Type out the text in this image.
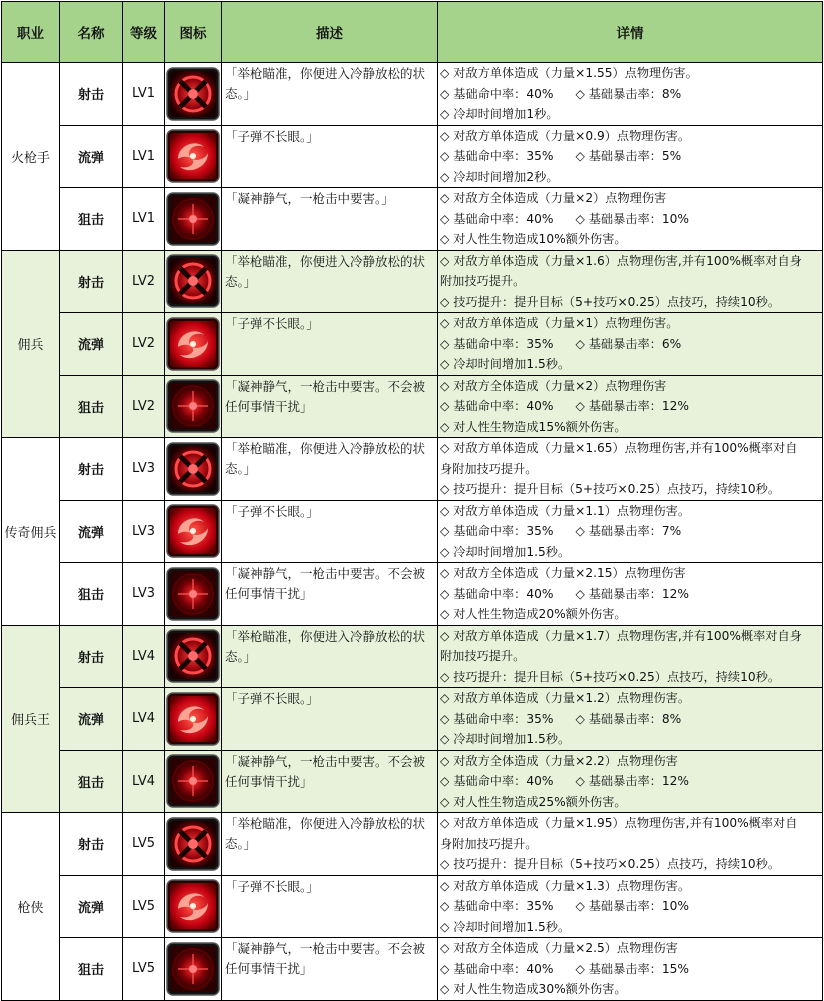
职业	名称	等级	图标	描述	详情
火枪手	射击	LV1		「举枪瞄准，你便进入冷静放松的状态。」	◇ 对敌方单体造成（力量×1.55）点物理伤害。
◇ 基础命中率：40% ◇ 基础暴击率：8%
◇ 冷却时间增加1秒。

	流弹	LV1		「子弹不长眼。」	◇ 对敌方单体造成（力量×0.9）点物理伤害。
◇ 基础命中率：35% ◇ 基础暴击率：5%
◇ 冷却时间增加2秒。

	狙击	LV1		「凝神静气，一枪击中要害。」	◇ 对敌方全体造成（力量×2）点物理伤害
◇ 基础命中率：40% ◇ 基础暴击率：10%
◇ 对人性生物造成10%额外伤害。

佣兵	射击	LV2		「举枪瞄准，你便进入冷静放松的状态。」	◇ 对敌方单体造成（力量×1.6）点物理伤害,并有100%概率对自身
附加技巧提升。
◇ 技巧提升：提升目标（5+技巧×0.25）点技巧，持续10秒。

	流弹	LV2		「子弹不长眼。」	◇ 对敌方单体造成（力量×1）点物理伤害。
◇ 基础命中率：35% ◇ 基础暴击率：6%
◇ 冷却时间增加1.5秒。

	狙击	LV2		「凝神静气，一枪击中要害。不会被任何事情干扰」	◇ 对敌方全体造成（力量×2）点物理伤害
◇ 基础命中率：40% ◇ 基础暴击率：12%
◇ 对人性生物造成15%额外伤害。

传奇佣兵	射击	LV3		「举枪瞄准，你便进入冷静放松的状态。」	◇ 对敌方单体造成（力量×1.65）点物理伤害,并有100%概率对自
身附加技巧提升。
◇ 技巧提升：提升目标（5+技巧×0.25）点技巧，持续10秒。

	流弹	LV3		「子弹不长眼。」	◇ 对敌方单体造成（力量×1.1）点物理伤害。
◇ 基础命中率：35% ◇ 基础暴击率：7%
◇ 冷却时间增加1.5秒。

	狙击	LV3		「凝神静气，一枪击中要害。不会被任何事情干扰」	◇ 对敌方全体造成（力量×2.15）点物理伤害
◇ 基础命中率：40% ◇ 基础暴击率：12%
◇ 对人性生物造成20%额外伤害。

佣兵王	射击	LV4		「举枪瞄准，你便进入冷静放松的状态。」	◇ 对敌方单体造成（力量×1.7）点物理伤害,并有100%概率对自身
附加技巧提升。
◇ 技巧提升：提升目标（5+技巧×0.25）点技巧，持续10秒。

	流弹	LV4		「子弹不长眼。」	◇ 对敌方单体造成（力量×1.2）点物理伤害。
◇ 基础命中率：35% ◇ 基础暴击率：8%
◇ 冷却时间增加1.5秒。

	狙击	LV4		「凝神静气，一枪击中要害。不会被任何事情干扰」	◇ 对敌方全体造成（力量×2.2）点物理伤害
◇ 基础命中率：40% ◇ 基础暴击率：12%
◇ 对人性生物造成25%额外伤害。

枪侠	射击	LV5		「举枪瞄准，你便进入冷静放松的状态。」	◇ 对敌方单体造成（力量×1.95）点物理伤害,并有100%概率对自
身附加技巧提升。
◇ 技巧提升：提升目标（5+技巧×0.25）点技巧，持续10秒。

	流弹	LV5		「子弹不长眼。」	◇ 对敌方单体造成（力量×1.3）点物理伤害。
◇ 基础命中率：35% ◇ 基础暴击率：10%
◇ 冷却时间增加1.5秒。

	狙击	LV5		「凝神静气，一枪击中要害。不会被任何事情干扰」	◇ 对敌方全体造成（力量×2.5）点物理伤害
◇ 基础命中率：40% ◇ 基础暴击率：15%
◇ 对人性生物造成30%额外伤害。
